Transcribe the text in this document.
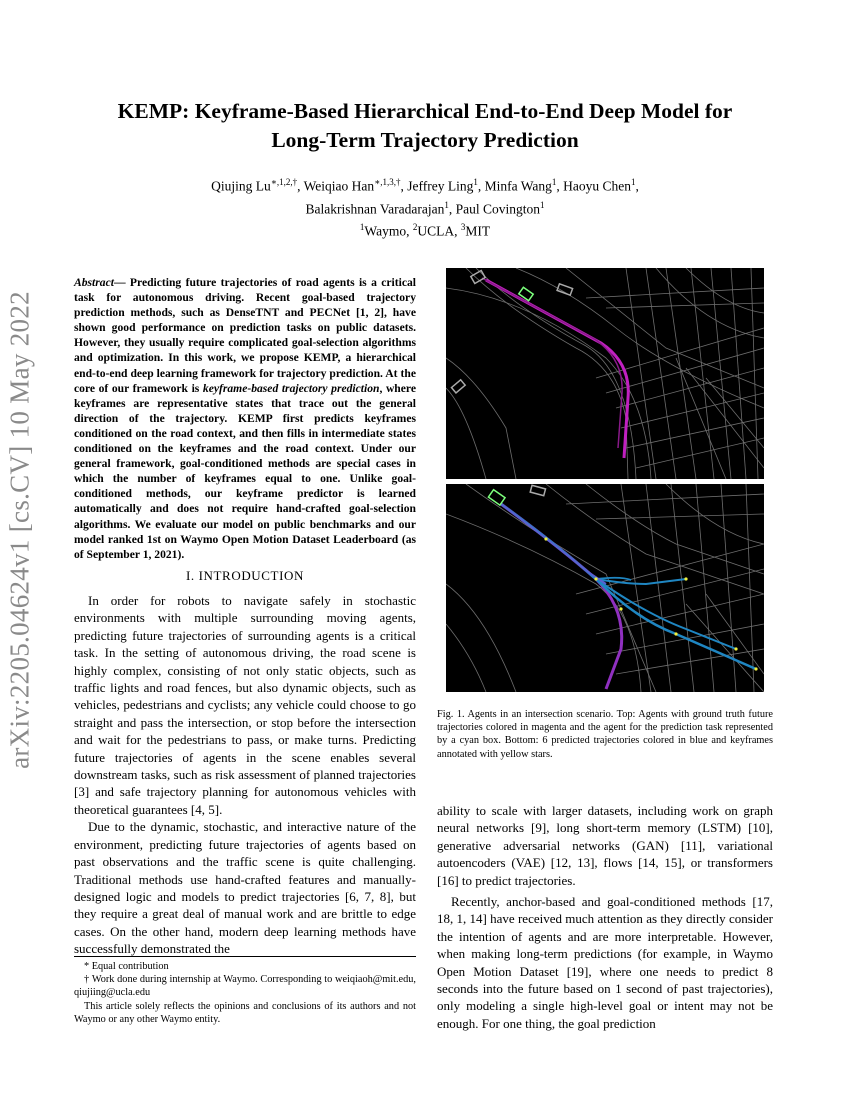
arXiv:2205.04624v1 [cs.CV] 10 May 2022
KEMP: Keyframe-Based Hierarchical End-to-End Deep Model for
Long-Term Trajectory Prediction
Qiujing $Lu^{∗,1,2,\dagger}$, Weiqiao Han$^{∗,1,3,\dagger}$, Jeffrey Ling$^1$, Minfa Wang$^1$, Haoyu Chen$^1$,
Balakrishnan Varadarajan$^1$, Paul Covington$^1$
$^1$Waymo, $^2$UCLA, $^3$MIT
Abstract— Predicting future trajectories of road agents is a critical task for autonomous driving. Recent goal-based trajectory prediction methods, such as DenseTNT and PECNet [1, 2], have shown good performance on prediction tasks on public datasets. However, they usually require complicated goal-selection algorithms and optimization. In this work, we propose KEMP, a hierarchical end-to-end deep learning framework for trajectory prediction. At the core of our framework is keyframe-based trajectory prediction, where keyframes are representative states that trace out the general direction of the trajectory. KEMP first predicts keyframes conditioned on the road context, and then fills in intermediate states conditioned on the keyframes and the road context. Under our general framework, goal-conditioned methods are special cases in which the number of keyframes equal to one. Unlike goal-conditioned methods, our keyframe predictor is learned automatically and does not require hand-crafted goal-selection algorithms. We evaluate our model on public benchmarks and our model ranked 1st on Waymo Open Motion Dataset Leaderboard (as of September 1, 2021).
I. INTRODUCTION

In order for robots to navigate safely in stochastic environments with multiple surrounding moving agents, predicting future trajectories of surrounding agents is a critical task. In the setting of autonomous driving, the road scene is highly complex, consisting of not only static objects, such as traffic lights and road fences, but also dynamic objects, such as vehicles, pedestrians and cyclists; any vehicle could choose to go straight and pass the intersection, or stop before the intersection and wait for the pedestrians to pass, or make turns. Predicting future trajectories of agents in the scene enables several downstream tasks, such as risk assessment of planned trajectories [3] and safe trajectory planning for autonomous vehicles with theoretical guarantees [4, 5].

Due to the dynamic, stochastic, and interactive nature of the environment, predicting future trajectories of agents based on past observations and the traffic scene is quite challenging. Traditional methods use hand-crafted features and manually-designed logic and models to predict trajectories [6, 7, 8], but they require a great deal of manual work and are brittle to edge cases. On the other hand, modern deep learning methods have successfully demonstrated the

* Equal contribution

† Work done during internship at Waymo. Corresponding to weiqiaoh@mit.edu, qiujiing@ucla.edu

This article solely reflects the opinions and conclusions of its authors and not Waymo or any other Waymo entity.

Fig. 1. Agents in an intersection scenario. Top: Agents with ground truth future trajectories colored in magenta and the agent for the prediction task represented by a cyan box. Bottom: 6 predicted trajectories colored in blue and keyframes annotated with yellow stars.

ability to scale with larger datasets, including work on graph neural networks [9], long short-term memory (LSTM) [10], generative adversarial networks (GAN) [11], variational autoencoders (VAE) [12, 13], flows [14, 15], or transformers [16] to predict trajectories.

Recently, anchor-based and goal-conditioned methods [17, 18, 1, 14] have received much attention as they directly consider the intention of agents and are more interpretable. However, when making long-term predictions (for example, in Waymo Open Motion Dataset [19], where one needs to predict 8 seconds into the future based on 1 second of past trajectories), only modeling a single high-level goal or intent may not be enough. For one thing, the goal prediction
